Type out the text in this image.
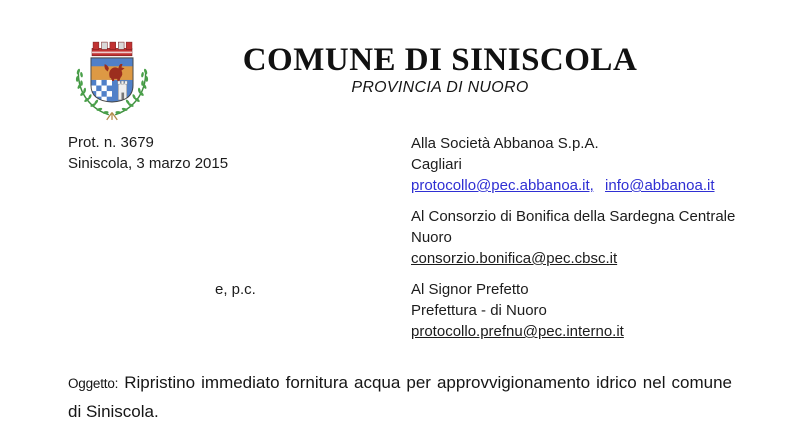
COMUNE DI SINISCOLA
PROVINCIA DI NUORO
Prot. n. 3679
Siniscola, 3 marzo 2015
Alla Società Abbanoa S.p.A.
Cagliari
protocollo@pec.abbanoa.it, info@abbanoa.it
Al Consorzio di Bonifica della Sardegna Centrale
Nuoro
consorzio.bonifica@pec.cbsc.it
e, p.c.	Al Signor Prefetto
Prefettura - di Nuoro
protocollo.prefnu@pec.interno.it
Oggetto: Ripristino immediato fornitura acqua per approvvigionamento idrico nel comune di Siniscola.
